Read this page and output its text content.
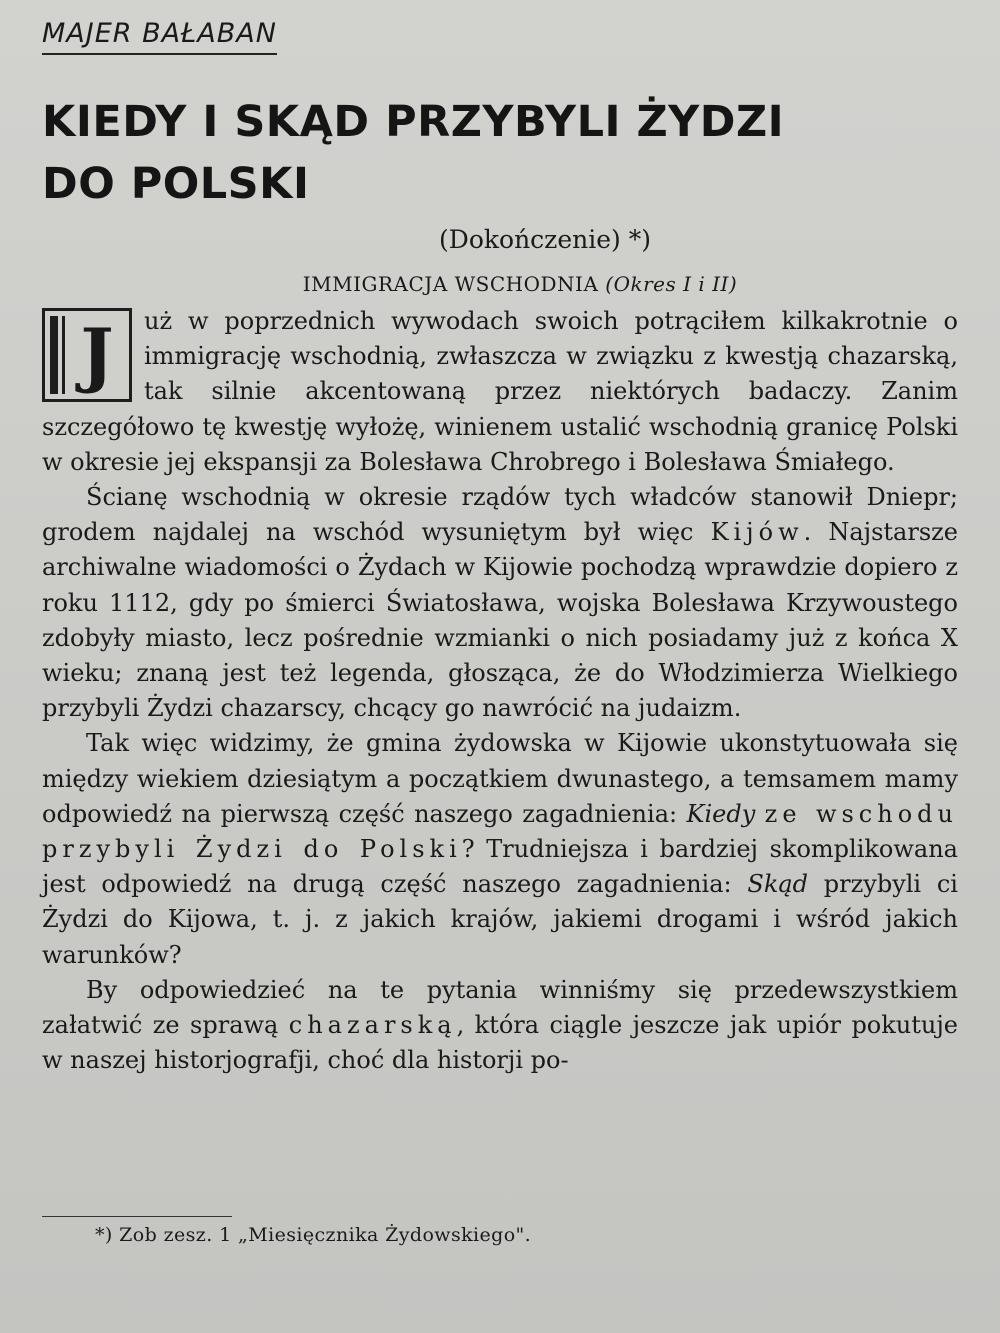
MAJER BAŁABAN
KIEDY I SKĄD PRZYBYLI ŻYDZI
DO POLSKI
(Dokończenie) *)
IMMIGRACJA WSCHODNIA (Okres I i II)

J	uż w poprzednich wywodach swoich potrąciłem kilkakrotnie o immigrację wschodnią, zwłaszcza w związku z kwestją chazarską, tak silnie akcentowaną przez niektórych badaczy. Zanim szczegółowo tę kwestję wyłożę, winienem ustalić wschodnią granicę Polski w okresie jej ekspansji za Bolesława Chrobrego i Bolesława Śmiałego.

Ścianę wschodnią w okresie rządów tych władców stanowił Dniepr; grodem najdalej na wschód wysuniętym był więc Kijów. Najstarsze archiwalne wiadomości o Żydach w Kijowie pochodzą wprawdzie dopiero z roku 1112, gdy po śmierci Światosława, wojska Bolesława Krzywoustego zdobyły miasto, lecz pośrednie wzmianki o nich posiadamy już z końca X wieku; znaną jest też legenda, głosząca, że do Włodzimierza Wielkiego przybyli Żydzi chazarscy, chcący go nawrócić na judaizm.

Tak więc widzimy, że gmina żydowska w Kijowie ukonstytuowała się między wiekiem dziesiątym a początkiem dwunastego, a temsamem mamy odpowiedź na pierwszą część naszego zagadnienia: Kiedy ze wschodu przybyli Żydzi do Polski? Trudniejsza i bardziej skomplikowana jest odpowiedź na drugą część naszego zagadnienia: Skąd przybyli ci Żydzi do Kijowa, t. j. z jakich krajów, jakiemi drogami i wśród jakich warunków?

By odpowiedzieć na te pytania winniśmy się przedewszystkiem załatwić ze sprawą chazarską, która ciągle jeszcze jak upiór pokutuje w naszej historjografji, choć dla historji po-

*) Zob zesz. 1 „Miesięcznika Żydowskiego".
